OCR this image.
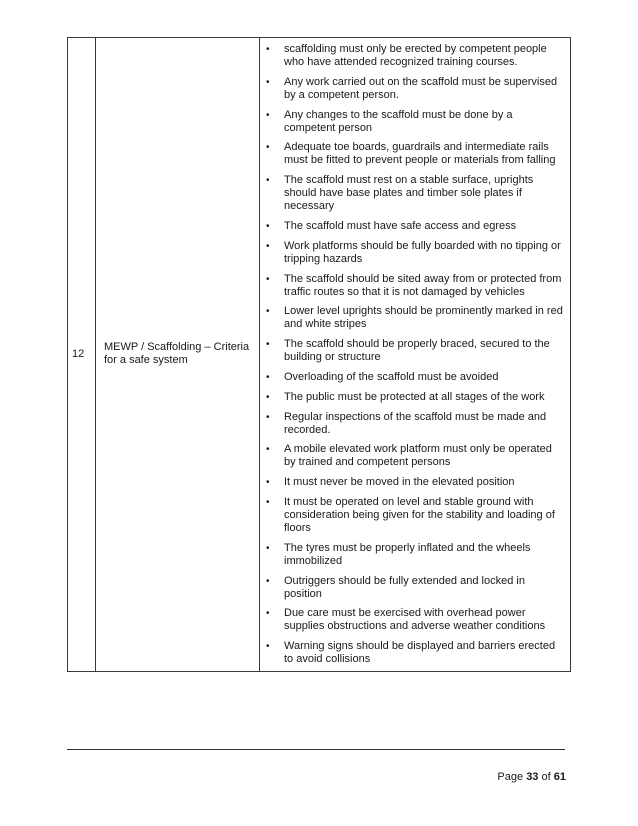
12	
MEWP / Scaffolding – Criteria for a safe system

• scaffolding must only be erected by competent people who have attended recognized training courses.
• Any work carried out on the scaffold must be supervised by a competent person.
• Any changes to the scaffold must be done by a competent person
• Adequate toe boards, guardrails and intermediate rails must be fitted to prevent people or materials from falling
• The scaffold must rest on a stable surface, uprights should have base plates and timber sole plates if necessary
• The scaffold must have safe access and egress
• Work platforms should be fully boarded with no tipping or tripping hazards
• The scaffold should be sited away from or protected from traffic routes so that it is not damaged by vehicles
• Lower level uprights should be prominently marked in red and white stripes
• The scaffold should be properly braced, secured to the building or structure
• Overloading of the scaffold must be avoided
• The public must be protected at all stages of the work
• Regular inspections of the scaffold must be made and recorded.
• A mobile elevated work platform must only be operated by trained and competent persons
• It must never be moved in the elevated position
• It must be operated on level and stable ground with consideration being given for the stability and loading of floors
• The tyres must be properly inflated and the wheels immobilized
• Outriggers should be fully extended and locked in position
• Due care must be exercised with overhead power supplies obstructions and adverse weather conditions
• Warning signs should be displayed and barriers erected to avoid collisions
Page 33 of 61
